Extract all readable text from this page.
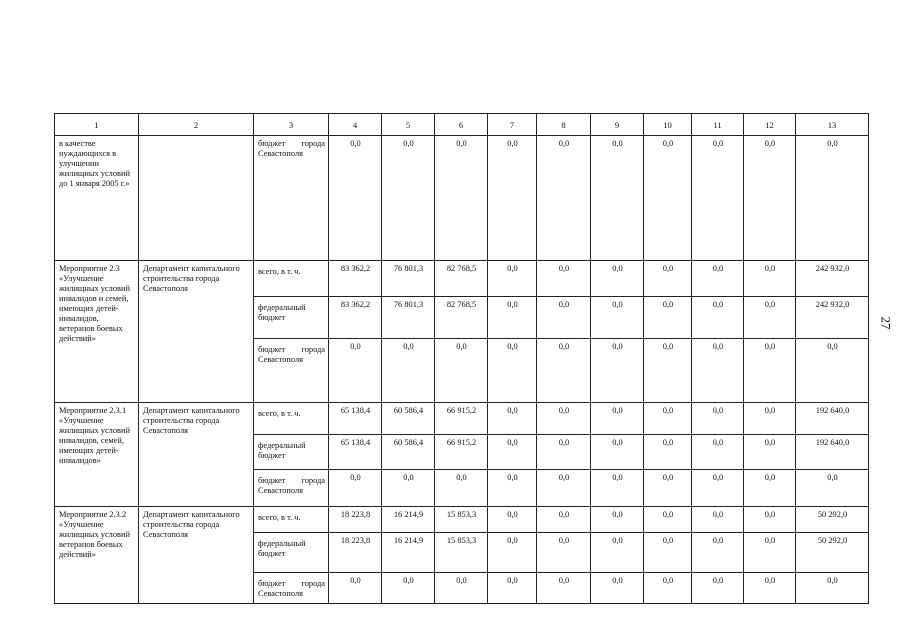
1	2	3	4	5	6	7	8	9	10	11	12	13
в качестве нуждающихся в улучшении жилищных условий до 1 января 2005 г.»		бюджет города Севастополя	0,0	0,0	0,0	0,0	0,0	0,0	0,0	0,0	0,0	0,0
Мероприятие 2.3 «Улучшение жилищных условий инвалидов и семей, имеющих детей-инвалидов, ветеранов боевых действий»	Департамент капитального строительства города Севастополя	всего, в т. ч.	83 362,2	76 801,3	82 768,5	0,0	0,0	0,0	0,0	0,0	0,0	242 932,0
		федеральный бюджет	83 362,2	76 801,3	82 768,5	0,0	0,0	0,0	0,0	0,0	0,0	242 932,0
		бюджет города Севастополя	0,0	0,0	0,0	0,0	0,0	0,0	0,0	0,0	0,0	0,0
Мероприятие 2.3.1 «Улучшение жилищных условий инвалидов, семей, имеющих детей-инвалидов»	Департамент капитального строительства города Севастополя	всего, в т. ч.	65 138,4	60 586,4	66 915,2	0,0	0,0	0,0	0,0	0,0	0,0	192 640,0
		федеральный бюджет	65 138,4	60 586,4	66 915,2	0,0	0,0	0,0	0,0	0,0	0,0	192 640,0
		бюджет города Севастополя	0,0	0,0	0,0	0,0	0,0	0,0	0,0	0,0	0,0	0,0
Мероприятие 2.3.2 «Улучшение жилищных условий ветеранов боевых действий»	Департамент капитального строительства города Севастополя	всего, в т. ч.	18 223,8	16 214,9	15 853,3	0,0	0,0	0,0	0,0	0,0	0,0	50 292,0
		федеральный бюджет	18 223,8	16 214,9	15 853,3	0,0	0,0	0,0	0,0	0,0	0,0	50 292,0
		бюджет города Севастополя	0,0	0,0	0,0	0,0	0,0	0,0	0,0	0,0	0,0	0,0
27
